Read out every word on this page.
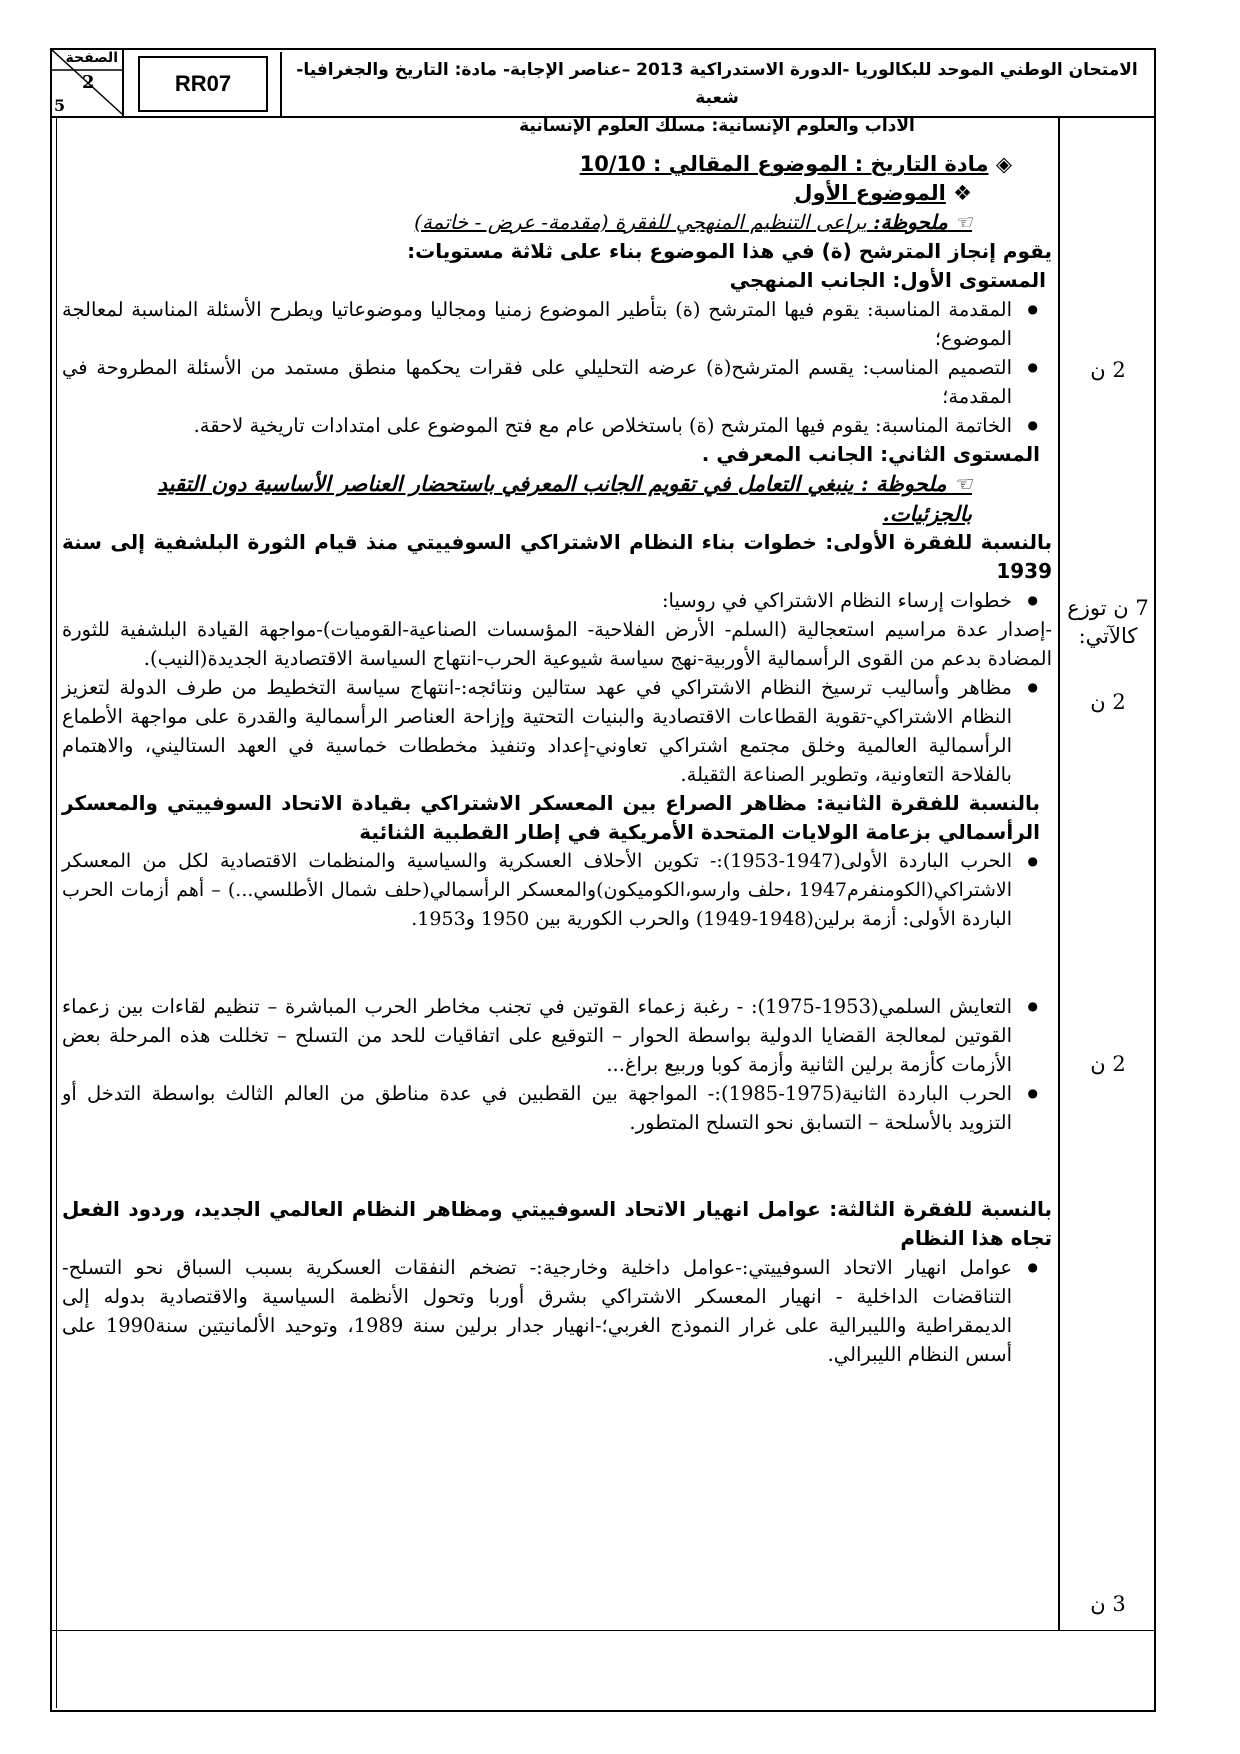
الصفحة
2
5
RR07
الامتحان الوطني الموحد للبكالوريا -الدورة الاستدراكية 2013 –عناصر الإجابة- مادة: التاريخ والجغرافيا- شعبة
الآداب والعلوم الإنسانية: مسلك العلوم الإنسانية
2 ن
7 ن توزع كالآتي:
2 ن
2 ن
3 ن

◈ مادة التاريخ : الموضوع المقالي : 10/10

❖ الموضوع الأول

☜ ملحوظة: يراعى التنظيم المنهجي للفقرة (مقدمة- عرض - خاتمة)

يقوم إنجاز المترشح (ة) في هذا الموضوع بناء على ثلاثة مستويات:

المستوى الأول: الجانب المنهجي

● المقدمة المناسبة: يقوم فيها المترشح (ة) بتأطير الموضوع زمنيا ومجاليا وموضوعاتيا ويطرح الأسئلة المناسبة لمعالجة الموضوع؛

● التصميم المناسب: يقسم المترشح(ة) عرضه التحليلي على فقرات يحكمها منطق مستمد من الأسئلة المطروحة في المقدمة؛

● الخاتمة المناسبة: يقوم فيها المترشح (ة) باستخلاص عام مع فتح الموضوع على امتدادات تاريخية لاحقة.

المستوى الثاني: الجانب المعرفي .

☜ ملحوظة : ينبغي التعامل في تقويم الجانب المعرفي باستحضار العناصر الأساسية دون التقيد بالجزئيات.

بالنسبة للفقرة الأولى: خطوات بناء النظام الاشتراكي السوفييتي منذ قيام الثورة البلشفية إلى سنة 1939

● خطوات إرساء النظام الاشتراكي في روسيا:

-إصدار عدة مراسيم استعجالية (السلم- الأرض الفلاحية- المؤسسات الصناعية-القوميات)-مواجهة القيادة البلشفية للثورة المضادة بدعم من القوى الرأسمالية الأوربية-نهج سياسة شيوعية الحرب-انتهاج السياسة الاقتصادية الجديدة(النيب).

● مظاهر وأساليب ترسيخ النظام الاشتراكي في عهد ستالين ونتائجه:-انتهاج سياسة التخطيط من طرف الدولة لتعزيز النظام الاشتراكي-تقوية القطاعات الاقتصادية والبنيات التحتية وإزاحة العناصر الرأسمالية والقدرة على مواجهة الأطماع الرأسمالية العالمية وخلق مجتمع اشتراكي تعاوني-إعداد وتنفيذ مخططات خماسية في العهد الستاليني، والاهتمام بالفلاحة التعاونية، وتطوير الصناعة الثقيلة.

بالنسبة للفقرة الثانية: مظاهر الصراع بين المعسكر الاشتراكي بقيادة الاتحاد السوفييتي والمعسكر الرأسمالي بزعامة الولايات المتحدة الأمريكية في إطار القطبية الثنائية

● الحرب الباردة الأولى(1947-1953):- تكوين الأحلاف العسكرية والسياسية والمنظمات الاقتصادية لكل من المعسكر الاشتراكي(الكومنفرم1947 ،حلف وارسو،الكوميكون)والمعسكر الرأسمالي(حلف شمال الأطلسي...) – أهم أزمات الحرب الباردة الأولى: أزمة برلين(1948-1949) والحرب الكورية بين 1950 و1953.

● التعايش السلمي(1953-1975): - رغبة زعماء القوتين في تجنب مخاطر الحرب المباشرة – تنظيم لقاءات بين زعماء القوتين لمعالجة القضايا الدولية بواسطة الحوار – التوقيع على اتفاقيات للحد من التسلح – تخللت هذه المرحلة بعض الأزمات كأزمة برلين الثانية وأزمة كوبا وربيع براغ...

● الحرب الباردة الثانية(1975-1985):- المواجهة بين القطبين في عدة مناطق من العالم الثالث بواسطة التدخل أو التزويد بالأسلحة – التسابق نحو التسلح المتطور.

بالنسبة للفقرة الثالثة: عوامل انهيار الاتحاد السوفييتي ومظاهر النظام العالمي الجديد، وردود الفعل تجاه هذا النظام

● عوامل انهيار الاتحاد السوفييتي:-عوامل داخلية وخارجية:- تضخم النفقات العسكرية بسبب السباق نحو التسلح- التناقضات الداخلية - انهيار المعسكر الاشتراكي بشرق أوربا وتحول الأنظمة السياسية والاقتصادية بدوله إلى الديمقراطية والليبرالية على غرار النموذج الغربي؛-انهيار جدار برلين سنة 1989، وتوحيد الألمانيتين سنة1990 على أسس النظام الليبرالي.
